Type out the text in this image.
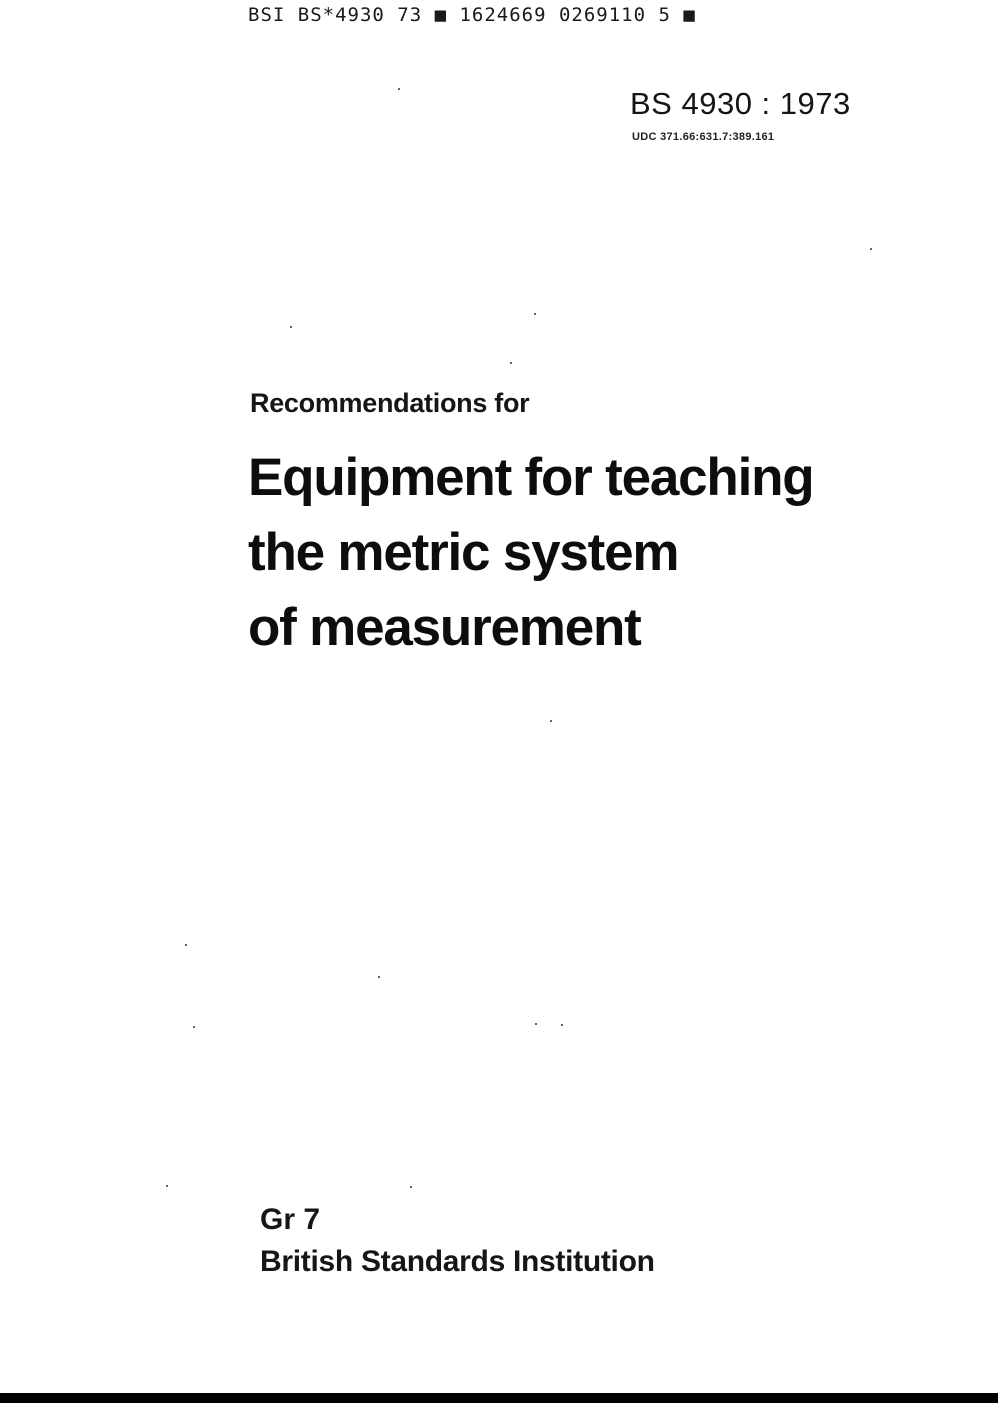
BSI BS*4930 73 ■ 1624669 0269110 5 ■
BS 4930 : 1973
UDC 371.66:631.7:389.161
Recommendations for
Equipment for teaching
the metric system
of measurement
Gr 7
British Standards Institution
